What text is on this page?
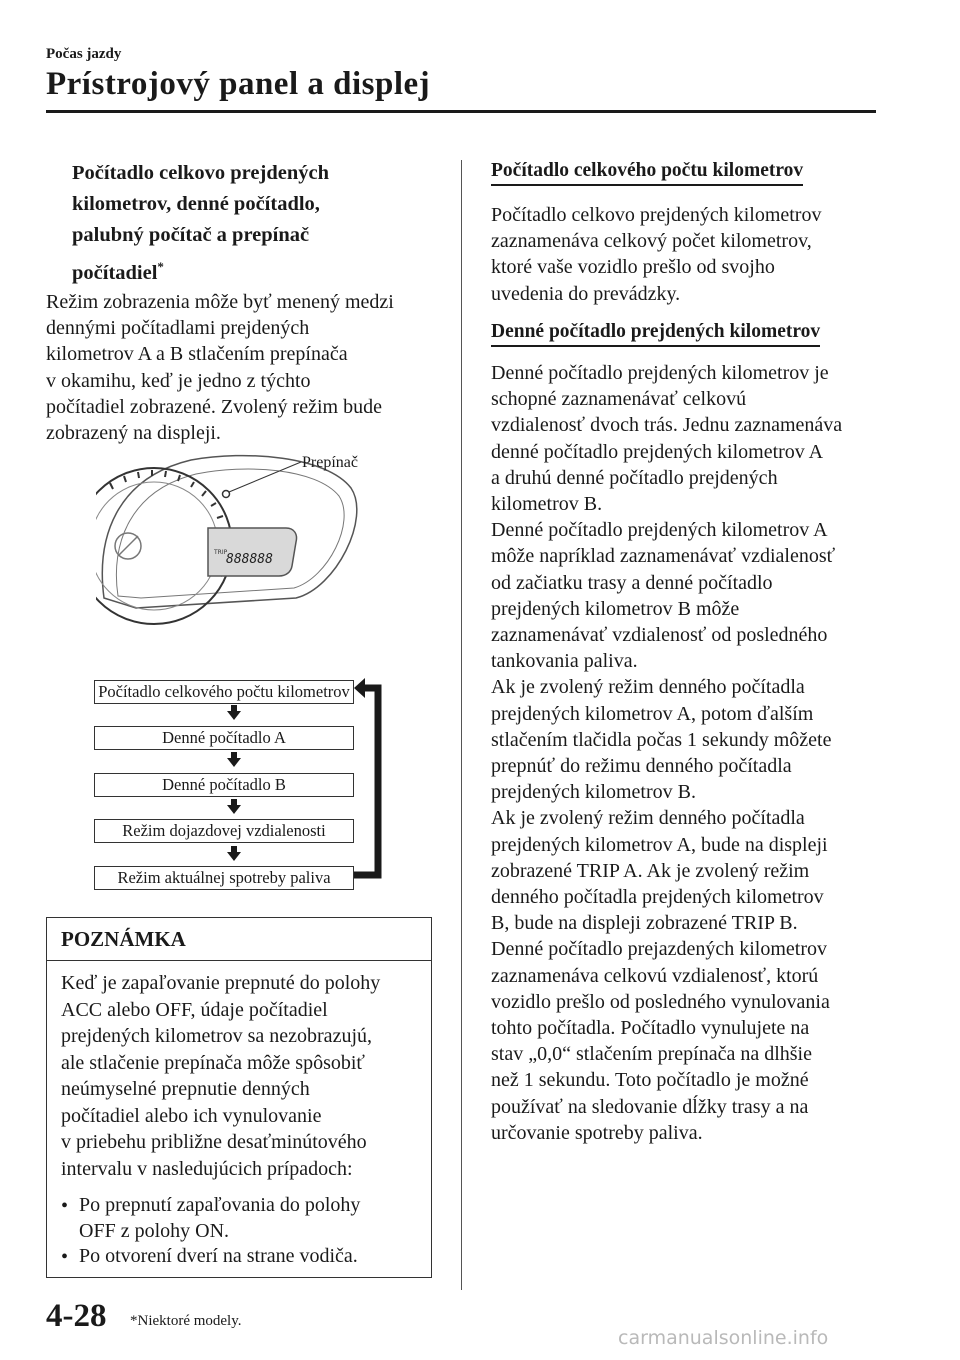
Počas jazdy
Prístrojový panel a displej
Počítadlo celkovo prejdených
kilometrov, denné počítadlo,
palubný počítač a prepínač
počítadiel*
Režim zobrazenia môže byť menený medzi
dennými počítadlami prejdených
kilometrov A a B stlačením prepínača
v okamihu, keď je jedno z týchto
počítadiel zobrazené. Zvolený režim bude
zobrazený na displeji.
TRIP
888888
Prepínač
Počítadlo celkového počtu kilometrov
Denné počítadlo A
Denné počítadlo B
Režim dojazdovej vzdialenosti
Režim aktuálnej spotreby paliva
POZNÁMKA
Keď je zapaľovanie prepnuté do polohy
ACC alebo OFF, údaje počítadiel
prejdených kilometrov sa nezobrazujú,
ale stlačenie prepínača môže spôsobiť
neúmyselné prepnutie denných
počítadiel alebo ich vynulovanie
v priebehu približne desaťminútového
intervalu v nasledujúcich prípadoch:
• Po prepnutí zapaľovania do polohy
OFF z polohy ON.
• Po otvorení dverí na strane vodiča.
Počítadlo celkového počtu kilometrov
Počítadlo celkovo prejdených kilometrov
zaznamenáva celkový počet kilometrov,
ktoré vaše vozidlo prešlo od svojho
uvedenia do prevádzky.
Denné počítadlo prejdených kilometrov
Denné počítadlo prejdených kilometrov je
schopné zaznamenávať celkovú
vzdialenosť dvoch trás. Jednu zaznamenáva
denné počítadlo prejdených kilometrov A
a druhú denné počítadlo prejdených
kilometrov B.
Denné počítadlo prejdených kilometrov A
môže napríklad zaznamenávať vzdialenosť
od začiatku trasy a denné počítadlo
prejdených kilometrov B môže
zaznamenávať vzdialenosť od posledného
tankovania paliva.
Ak je zvolený režim denného počítadla
prejdených kilometrov A, potom ďalším
stlačením tlačidla počas 1 sekundy môžete
prepnúť do režimu denného počítadla
prejdených kilometrov B.
Ak je zvolený režim denného počítadla
prejdených kilometrov A, bude na displeji
zobrazené TRIP A. Ak je zvolený režim
denného počítadla prejdených kilometrov
B, bude na displeji zobrazené TRIP B.
Denné počítadlo prejazdených kilometrov
zaznamenáva celkovú vzdialenosť, ktorú
vozidlo prešlo od posledného vynulovania
tohto počítadla. Počítadlo vynulujete na
stav „0,0“ stlačením prepínača na dlhšie
než 1 sekundu. Toto počítadlo je možné
používať na sledovanie dĺžky trasy a na
určovanie spotreby paliva.
4-28 *Niektoré modely.
carmanualsonline.info
